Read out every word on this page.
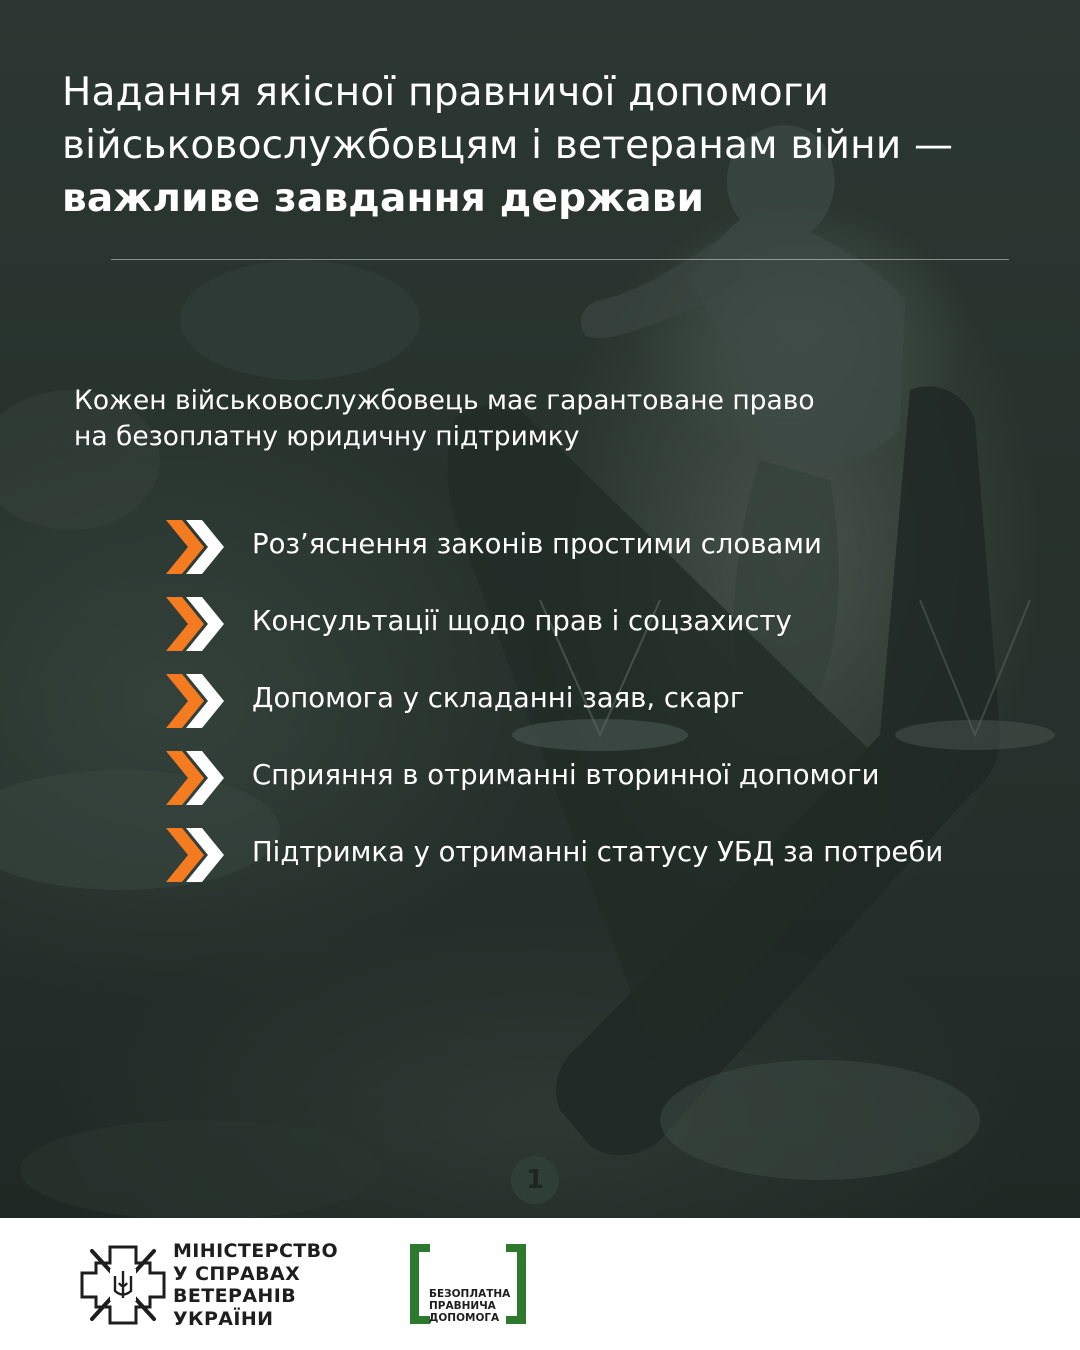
Надання якісної правничої допомоги
військовослужбовцям і ветеранам війни —
важливе завдання держави

Кожен військовослужбовець має гарантоване право
на безоплатну юридичну підтримку

Роз’яснення законів простими словами
Консультації щодо прав і соцзахисту
Допомога у складанні заяв, скарг
Сприяння в отриманні вторинної допомоги
Підтримка у отриманні статусу УБД за потреби
1
МІНІСТЕРСТВО
У СПРАВАХ
ВЕТЕРАНІВ
УКРАЇНИ
БЕЗОПЛАТНА
ПРАВНИЧА
ДОПОМОГА
